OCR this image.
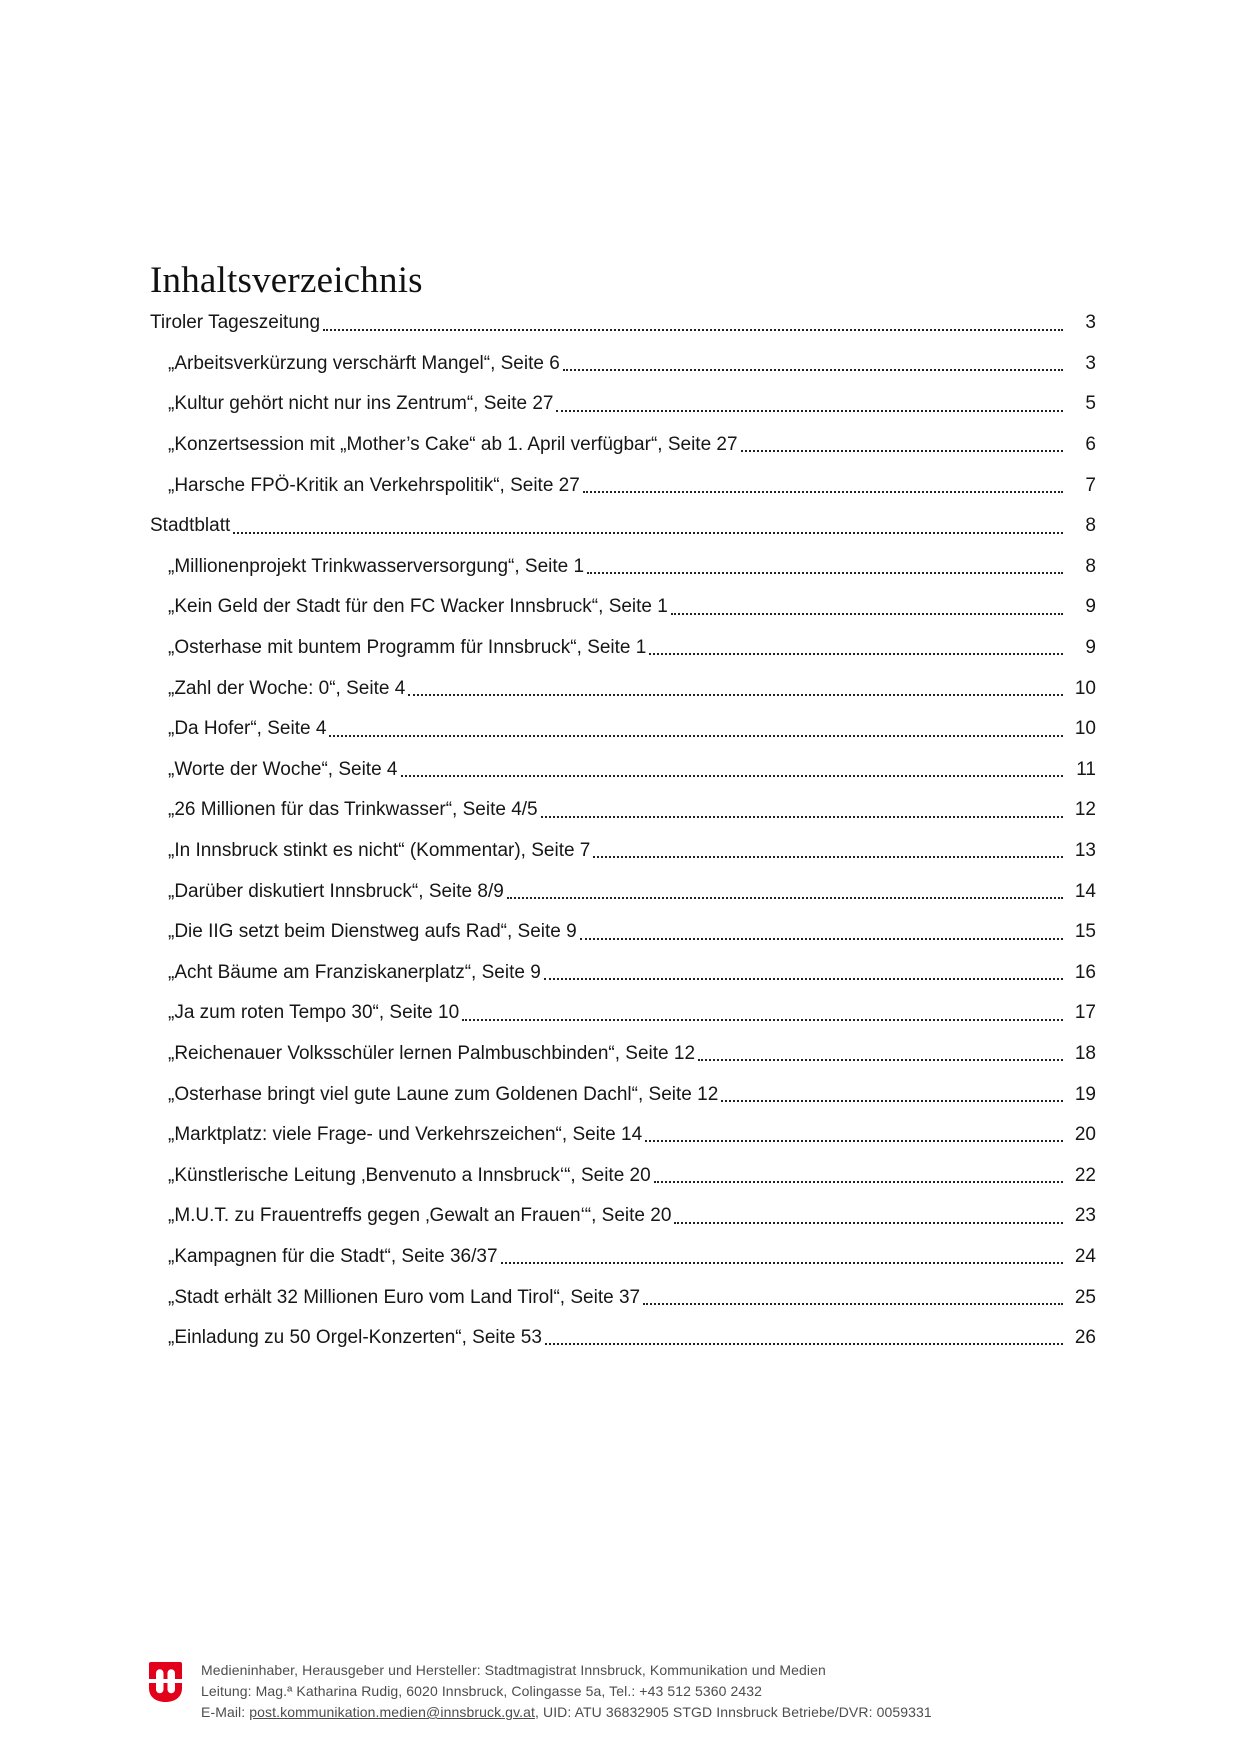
Inhaltsverzeichnis
Tiroler Tageszeitung	3
„Arbeitsverkürzung verschärft Mangel“, Seite 6	3
„Kultur gehört nicht nur ins Zentrum“, Seite 27	5
„Konzertsession mit „Mother’s Cake“ ab 1. April verfügbar“, Seite 27	6
„Harsche FPÖ-Kritik an Verkehrspolitik“, Seite 27	7
Stadtblatt	8
„Millionenprojekt Trinkwasserversorgung“, Seite 1	8
„Kein Geld der Stadt für den FC Wacker Innsbruck“, Seite 1	9
„Osterhase mit buntem Programm für Innsbruck“, Seite 1	9
„Zahl der Woche: 0“, Seite 4	10
„Da Hofer“, Seite 4	10
„Worte der Woche“, Seite 4	11
„26 Millionen für das Trinkwasser“, Seite 4/5	12
„In Innsbruck stinkt es nicht“ (Kommentar), Seite 7	13
„Darüber diskutiert Innsbruck“, Seite 8/9	14
„Die IIG setzt beim Dienstweg aufs Rad“, Seite 9	15
„Acht Bäume am Franziskanerplatz“, Seite 9	16
„Ja zum roten Tempo 30“, Seite 10	17
„Reichenauer Volksschüler lernen Palmbuschbinden“, Seite 12	18
„Osterhase bringt viel gute Laune zum Goldenen Dachl“, Seite 12	19
„Marktplatz: viele Frage- und Verkehrszeichen“, Seite 14	20
„Künstlerische Leitung ‚Benvenuto a Innsbruck‘“, Seite 20	22
„M.U.T. zu Frauentreffs gegen ‚Gewalt an Frauen‘“, Seite 20	23
„Kampagnen für die Stadt“, Seite 36/37	24
„Stadt erhält 32 Millionen Euro vom Land Tirol“, Seite 37	25
„Einladung zu 50 Orgel-Konzerten“, Seite 53	26
Medieninhaber, Herausgeber und Hersteller: Stadtmagistrat Innsbruck, Kommunikation und Medien
Leitung: Mag.ª Katharina Rudig, 6020 Innsbruck, Colingasse 5a, Tel.: +43 512 5360 2432
E-Mail: post.kommunikation.medien@innsbruck.gv.at, UID: ATU 36832905 STGD Innsbruck Betriebe/DVR: 0059331
